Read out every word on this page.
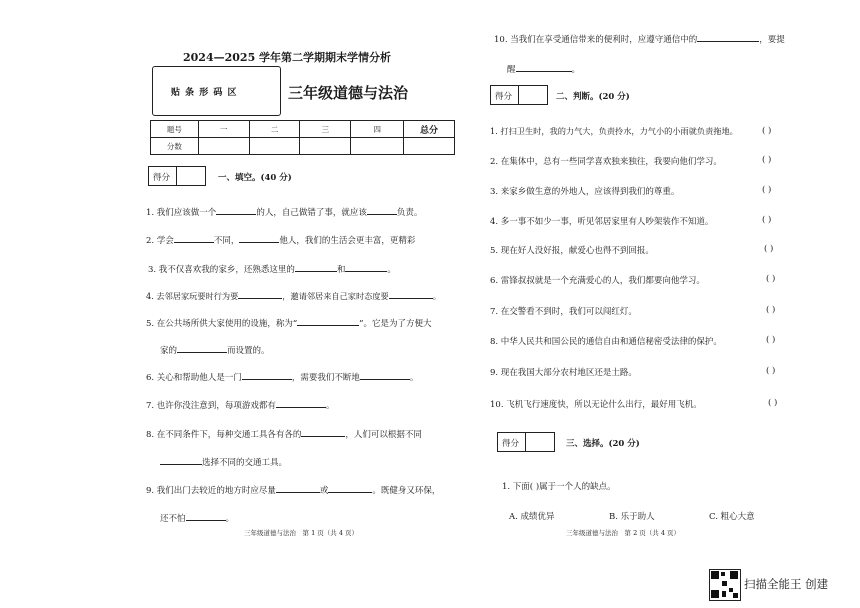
2024—2025 学年第二学期期末学情分析
贴 条 形 码 区	三年级道德与法治
题号	一	二	三	四	总分
分数					
得分	一、填空。(40 分)
1. 我们应该做一个	的人，自己做错了事，就应该	负责。
2. 学会	不同，	他人，我们的生活会更丰富，更精彩
3. 我不仅喜欢我的家乡，还熟悉这里的	和	。
4. 去邻居家玩要时行为要	，邀请邻居来自己家时态度要	。
5. 在公共场所供大家使用的设施，称为“	”。它是为了方便大
家的	而设置的。
6. 关心和帮助他人是一门	，需要我们不断地	。
7. 也许你没注意到，每项游戏都有	。
8. 在不同条件下，每种交通工具各有各的	，人们可以根据不同
选择不同的交通工具。
9. 我们出门去较近的地方时应尽量	或	。既健身又环保，
还不怕	。
三年级道德与法治　第 1 页（共 4 页）
10. 当我们在享受通信带来的便利时，应遵守通信中的	，要提
醒	。
得分	二、判断。(20 分)
1. 打扫卫生时，我的力气大，负责拎水，力气小的小雨就负责拖地。	( )
2. 在集体中，总有一些同学喜欢独来独往，我要向他们学习。	( )
3. 来家乡做生意的外地人，应该得到我们的尊重。	( )
4. 多一事不如少一事，听见邻居家里有人吵架装作不知道。	( )
5. 现在好人没好报，献爱心也得不到回报。	( )
6. 雷锋叔叔就是一个充满爱心的人，我们都要向他学习。	( )
7. 在交警看不到时，我们可以闯红灯。	( )
8. 中华人民共和国公民的通信自由和通信秘密受法律的保护。	( )
9. 现在我国大部分农村地区还是土路。	( )
10. 飞机飞行速度快，所以无论什么出行，最好用飞机。	( )
得分	三、选择。(20 分)
1. 下面( )属于一个人的缺点。
A. 成绩优异	B. 乐于助人	C. 粗心大意
三年级道德与法治　第 2 页（共 4 页）
扫描全能王 创建
